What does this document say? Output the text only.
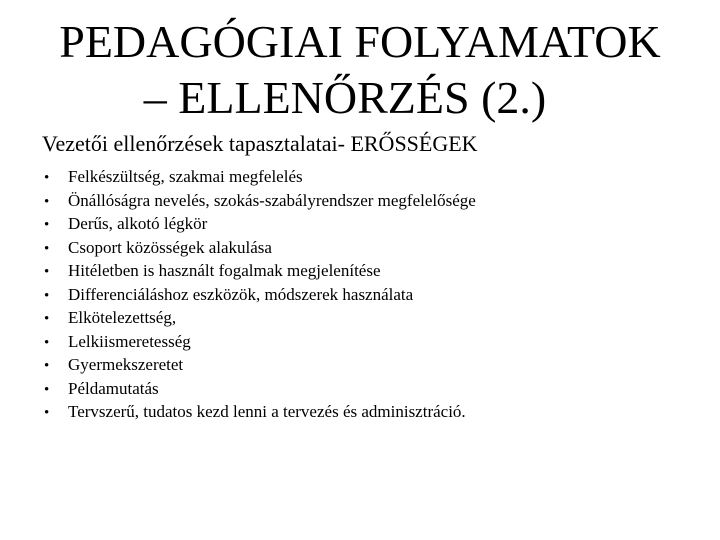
PEDAGÓGIAI FOLYAMATOK
– ELLENŐRZÉS (2.)

Vezetői ellenőrzések tapasztalatai- ERŐSSÉGEK

• Felkészültség, szakmai megfelelés
• Önállóságra nevelés, szokás-szabályrendszer megfelelősége
• Derűs, alkotó légkör
• Csoport közösségek alakulása
• Hitéletben is használt fogalmak megjelenítése
• Differenciáláshoz eszközök, módszerek használata
• Elkötelezettség,
• Lelkiismeretesség
• Gyermekszeretet
• Példamutatás
•Tervszerű, tudatos kezd lenni a tervezés és adminisztráció.
